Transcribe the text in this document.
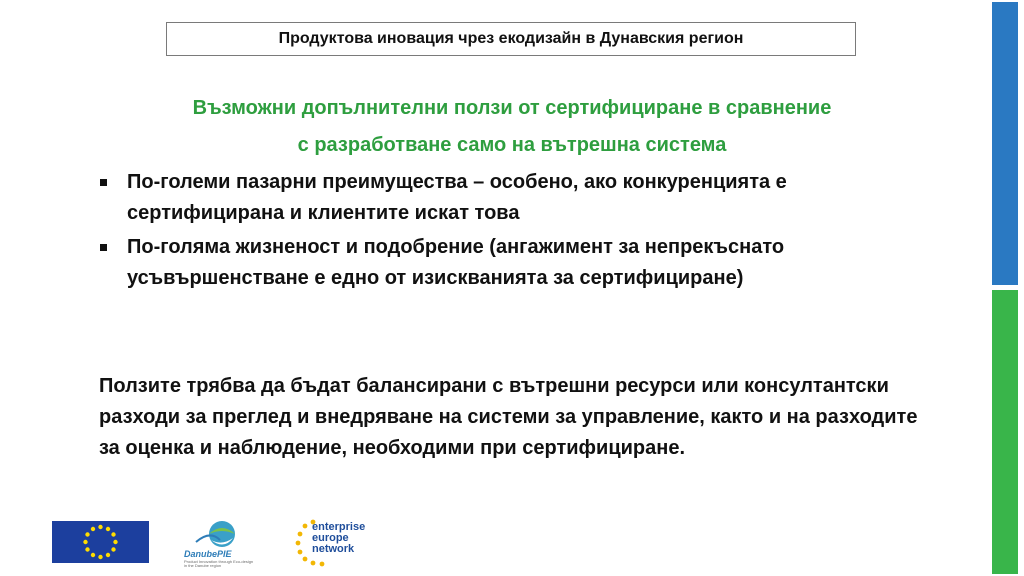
Продуктова иновация чрез екодизайн в Дунавския регион
Възможни допълнителни ползи от сертифициране в сравнение
с разработване само на вътрешна система
По-големи пазарни преимущества – особено, ако конкуренцията е сертифицирана и клиентите искат това
По-голяма жизненост и подобрение (ангажимент за непрекъснато усъвършенстване е едно от изискванията за сертифициране)
Ползите трябва да бъдат балансирани с вътрешни ресурси или консултантски разходи за преглед и внедряване на системи за управление, както и на разходите за оценка и наблюдение, необходими при сертифициране.
DanubePIE
Product Innovation through Eco-design in the Danube region
enterprise
europe
network
